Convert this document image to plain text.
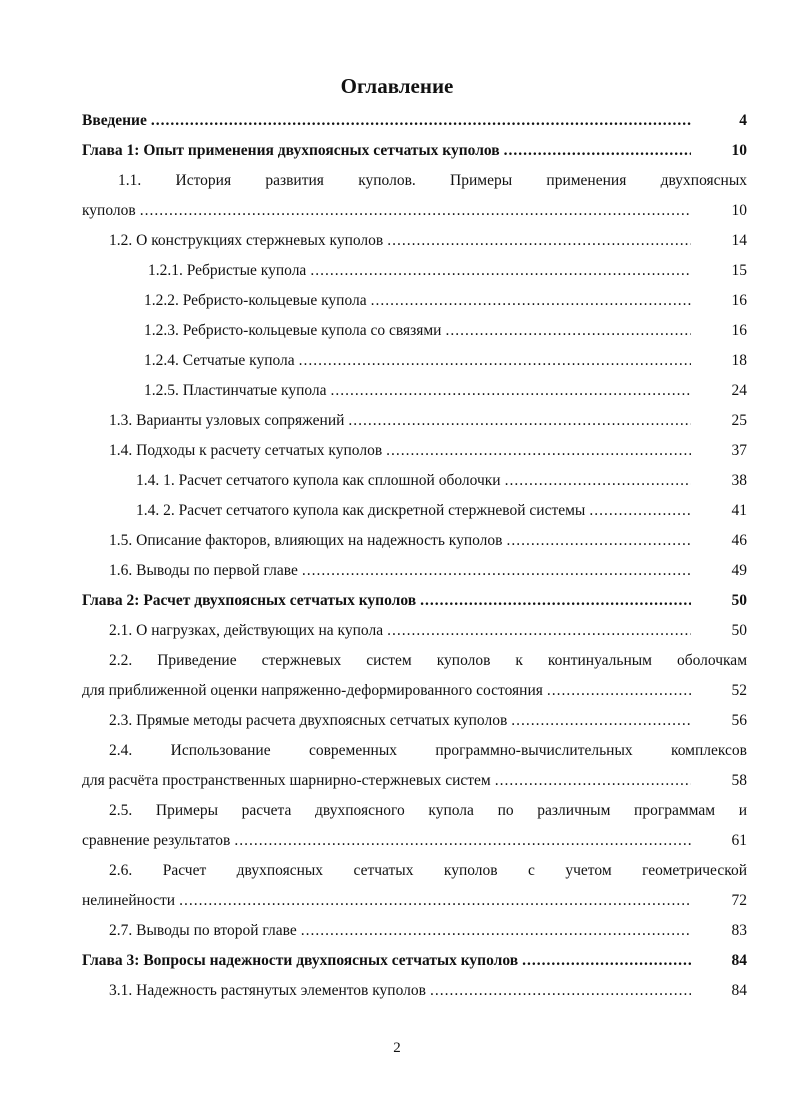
Оглавление
Введение .....	4
Глава 1: Опыт применения двухпоясных сетчатых куполов .....	10
1.1. История развития куполов. Примеры применения двухпоясных
куполов .....	10
1.2. О конструкциях стержневых куполов .....	14
1.2.1. Ребристые купола .....	15
1.2.2. Ребристо-кольцевые купола .....	16
1.2.3. Ребристо-кольцевые купола со связями .....	16
1.2.4. Сетчатые купола .....	18
1.2.5. Пластинчатые купола .....	24
1.3. Варианты узловых сопряжений .....	25
1.4. Подходы к расчету сетчатых куполов .....	37
1.4. 1. Расчет сетчатого купола как сплошной оболочки .....	38
1.4. 2. Расчет сетчатого купола как дискретной стержневой системы .....	41
1.5. Описание факторов, влияющих на надежность куполов .....	46
1.6. Выводы по первой главе .....	49
Глава 2: Расчет двухпоясных сетчатых куполов .....	50
2.1. О нагрузках, действующих на купола .....	50
2.2. Приведение стержневых систем куполов к континуальным оболочкам
для приближенной оценки напряженно-деформированного состояния .....	52
2.3. Прямые методы расчета двухпоясных сетчатых куполов .....	56
2.4. Использование современных программно-вычислительных комплексов
для расчёта пространственных шарнирно-стержневых систем .....	58
2.5. Примеры расчета двухпоясного купола по различным программам и
сравнение результатов .....	61
2.6. Расчет двухпоясных сетчатых куполов с учетом геометрической
нелинейности .....	72
2.7. Выводы по второй главе .....	83
Глава 3: Вопросы надежности двухпоясных сетчатых куполов .....	84
3.1. Надежность растянутых элементов куполов .....	84
2
